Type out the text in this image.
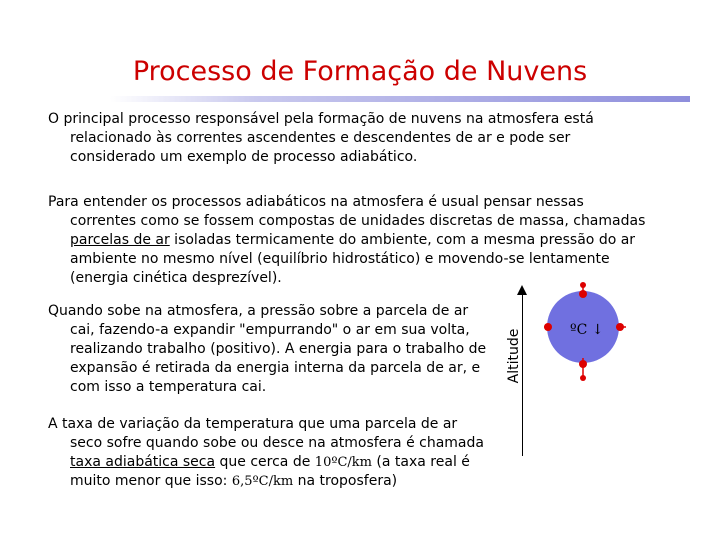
Processo de Formação de Nuvens
O principal processo responsável pela formação de nuvens na atmosfera está
relacionado às correntes ascendentes e descendentes de ar e pode ser considerado um exemplo de processo adiabático.
Para entender os processos adiabáticos na atmosfera é usual pensar nessas
correntes como se fossem compostas de unidades discretas de massa, chamadas parcelas de ar isoladas termicamente do ambiente, com a mesma pressão do ar ambiente no mesmo nível (equilíbrio hidrostático) e movendo-se lentamente (energia cinética desprezível).
Quando sobe na atmosfera, a pressão sobre a parcela de ar
cai, fazendo-a expandir "empurrando" o ar em sua volta, realizando trabalho (positivo). A energia para o trabalho de expansão é retirada da energia interna da parcela de ar, e com isso a temperatura cai.
A taxa de variação da temperatura que uma parcela de ar
seco sofre quando sobe ou desce na atmosfera é chamada taxa adiabática seca que cerca de 10ºC/km (a taxa real é muito menor que isso: 6,5ºC/km na troposfera)
Altitude	ºC ↓
